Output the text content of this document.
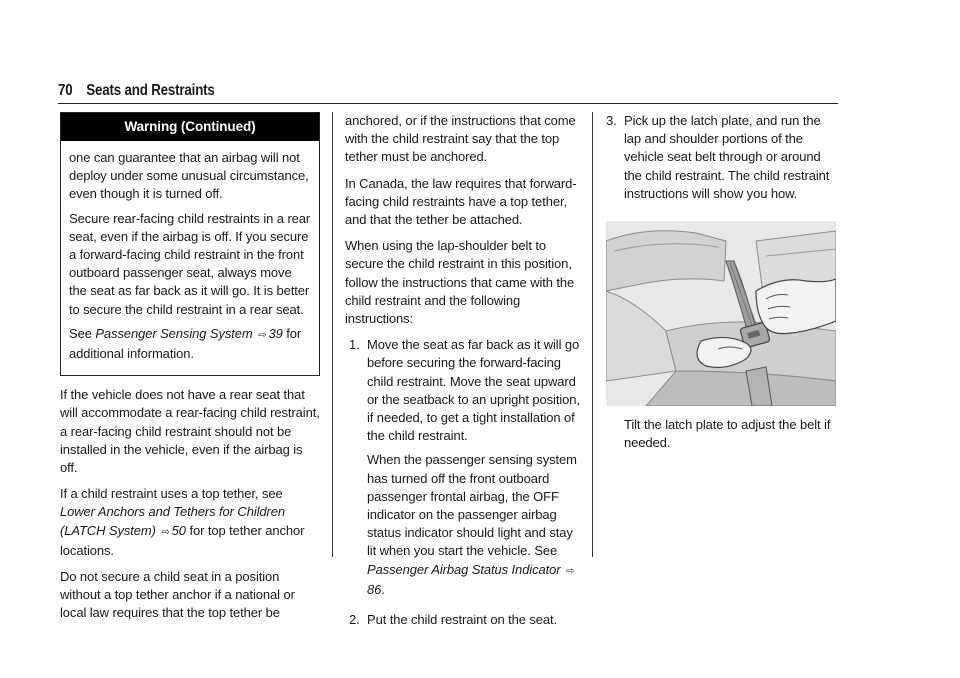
70 Seats and Restraints
Warning (Continued)

one can guarantee that an airbag will not deploy under some unusual circumstance, even though it is turned off.

Secure rear-facing child restraints in a rear seat, even if the airbag is off. If you secure a forward-facing child restraint in the front outboard passenger seat, always move the seat as far back as it will go. It is better to secure the child restraint in a rear seat.

See Passenger Sensing System ⇨ 39 for additional information.

If the vehicle does not have a rear seat that will accommodate a rear-facing child restraint, a rear-facing child restraint should not be installed in the vehicle, even if the airbag is off.

If a child restraint uses a top tether, see Lower Anchors and Tethers for Children (LATCH System) ⇨ 50 for top tether anchor locations.

Do not secure a child seat in a position without a top tether anchor if a national or local law requires that the top tether be

anchored, or if the instructions that come with the child restraint say that the top tether must be anchored.

In Canada, the law requires that forward-facing child restraints have a top tether, and that the tether be attached.

When using the lap-shoulder belt to secure the child restraint in this position, follow the instructions that came with the child restraint and the following instructions:

1. Move the seat as far back as it will go before securing the forward-facing child restraint. Move the seat upward or the seatback to an upright position, if needed, to get a tight installation of the child restraint.

When the passenger sensing system has turned off the front outboard passenger frontal airbag, the OFF indicator on the passenger airbag status indicator should light and stay lit when you start the vehicle. See Passenger Airbag Status Indicator ⇨86.

2. Put the child restraint on the seat.

3. Pick up the latch plate, and run the lap and shoulder portions of the vehicle seat belt through or around the child restraint. The child restraint instructions will show you how.

Tilt the latch plate to adjust the belt if needed.
